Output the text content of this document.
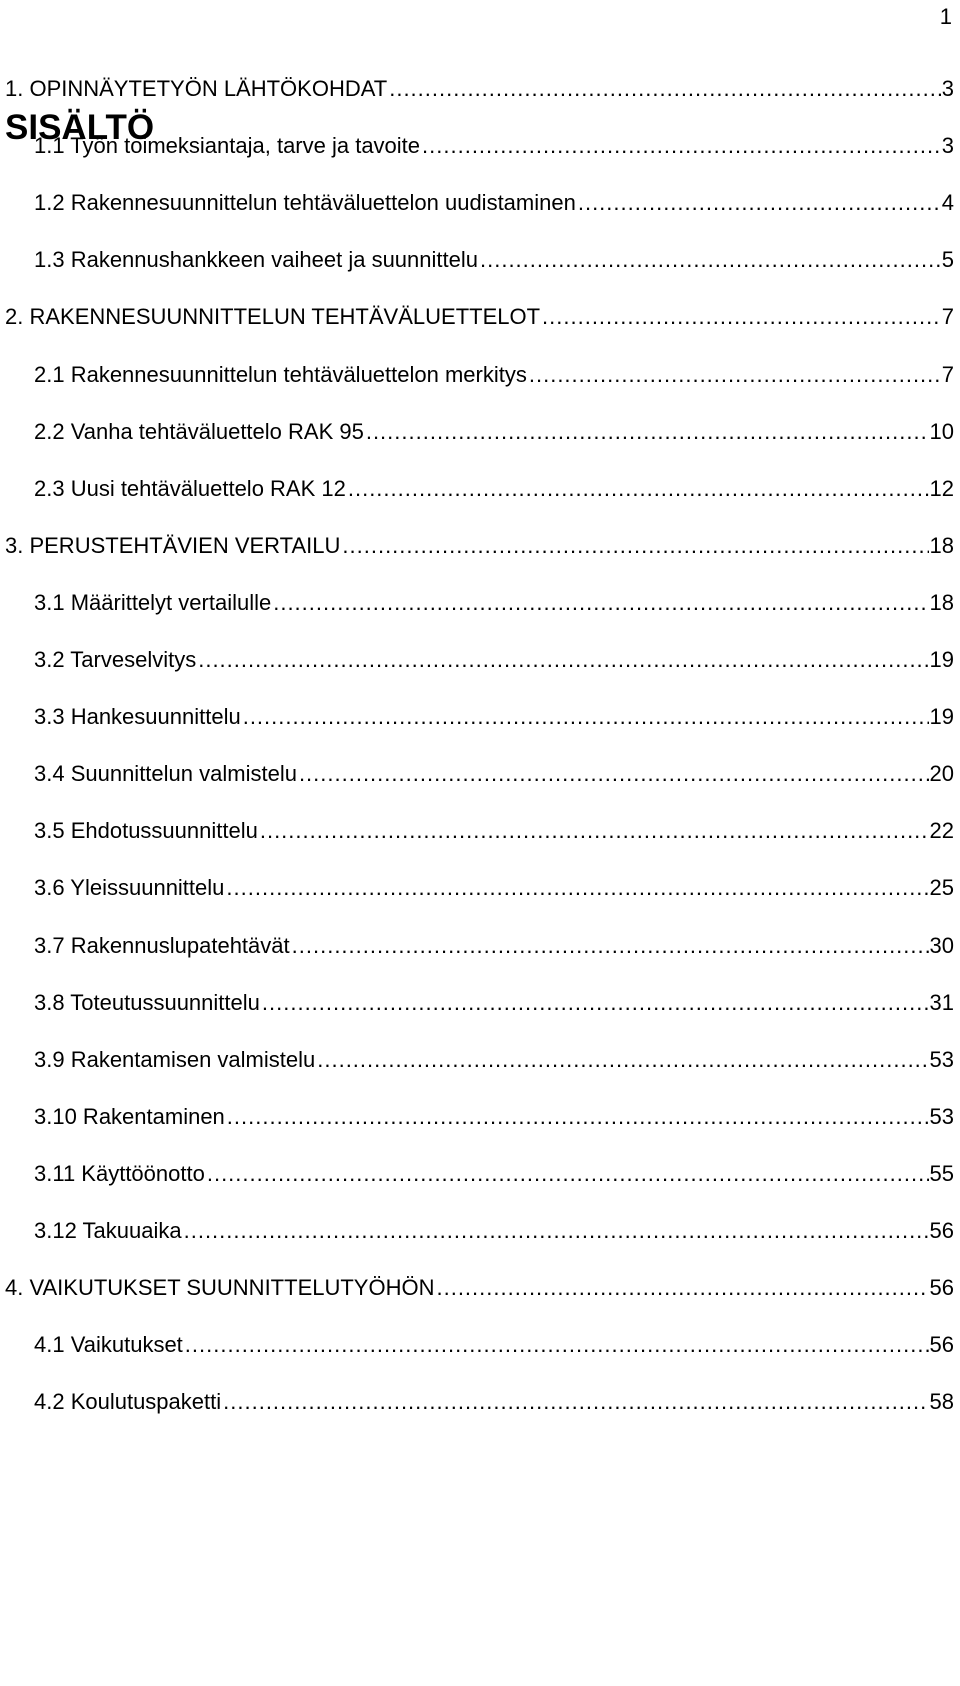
1
SISÄLTÖ
1. OPINNÄYTETYÖN LÄHTÖKOHDAT .....	3
1.1 Työn toimeksiantaja, tarve ja tavoite .....	3
1.2 Rakennesuunnittelun tehtäväluettelon uudistaminen .....	4
1.3 Rakennushankkeen vaiheet ja suunnittelu .....	5
2. RAKENNESUUNNITTELUN TEHTÄVÄLUETTELOT .....	7
2.1 Rakennesuunnittelun tehtäväluettelon merkitys .....	7
2.2 Vanha tehtäväluettelo RAK 95 .....	10
2.3 Uusi tehtäväluettelo RAK 12 .....	12
3. PERUSTEHTÄVIEN VERTAILU .....	18
3.1 Määrittelyt vertailulle .....	18
3.2 Tarveselvitys .....	19
3.3 Hankesuunnittelu .....	19
3.4 Suunnittelun valmistelu .....	20
3.5 Ehdotussuunnittelu .....	22
3.6 Yleissuunnittelu .....	25
3.7 Rakennuslupatehtävät .....	30
3.8 Toteutussuunnittelu .....	31
3.9 Rakentamisen valmistelu .....	53
3.10 Rakentaminen .....	53
3.11 Käyttöönotto .....	55
3.12 Takuuaika .....	56
4. VAIKUTUKSET SUUNNITTELUTYÖHÖN .....	56
4.1 Vaikutukset .....	56
4.2 Koulutuspaketti .....	58
